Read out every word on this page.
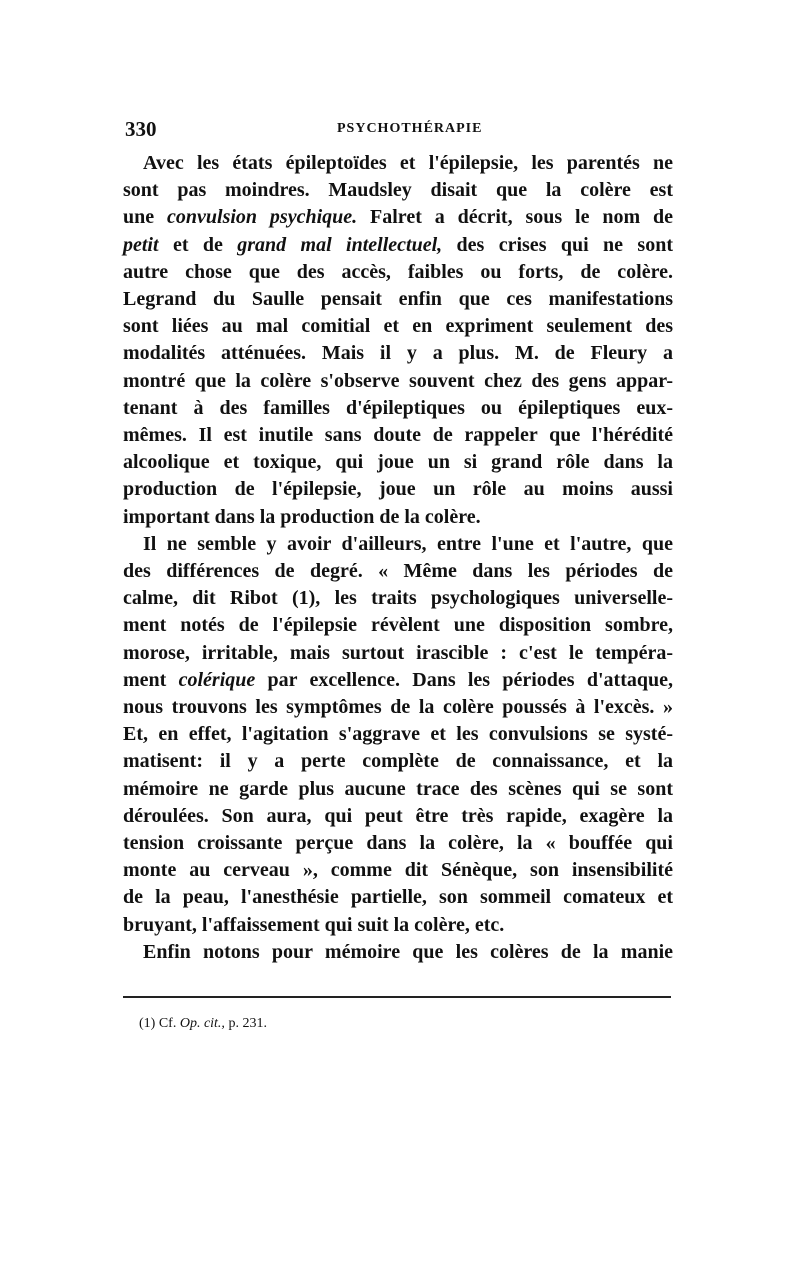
330	PSYCHOTHÉRAPIE
Avec les états épileptoïdes et l'épilepsie, les parentés ne
sont pas moindres. Maudsley disait que la colère est
une convulsion psychique. Falret a décrit, sous le nom de
petit et de grand mal intellectuel, des crises qui ne sont
autre chose que des accès, faibles ou forts, de colère.
Legrand du Saulle pensait enfin que ces manifestations
sont liées au mal comitial et en expriment seulement des
modalités atténuées. Mais il y a plus. M. de Fleury a
montré que la colère s'observe souvent chez des gens appar-
tenant à des familles d'épileptiques ou épileptiques eux-
mêmes. Il est inutile sans doute de rappeler que l'hérédité
alcoolique et toxique, qui joue un si grand rôle dans la
production de l'épilepsie, joue un rôle au moins aussi
important dans la production de la colère.
Il ne semble y avoir d'ailleurs, entre l'une et l'autre, que
des différences de degré. « Même dans les périodes de
calme, dit Ribot (1), les traits psychologiques universelle-
ment notés de l'épilepsie révèlent une disposition sombre,
morose, irritable, mais surtout irascible : c'est le tempéra-
ment colérique par excellence. Dans les périodes d'attaque,
nous trouvons les symptômes de la colère poussés à l'excès. »
Et, en effet, l'agitation s'aggrave et les convulsions se systé-
matisent: il y a perte complète de connaissance, et la
mémoire ne garde plus aucune trace des scènes qui se sont
déroulées. Son aura, qui peut être très rapide, exagère la
tension croissante perçue dans la colère, la « bouffée qui
monte au cerveau », comme dit Sénèque, son insensibilité
de la peau, l'anesthésie partielle, son sommeil comateux et
bruyant, l'affaissement qui suit la colère, etc.
Enfin notons pour mémoire que les colères de la manie
(1) Cf. Op. cit., p. 231.
